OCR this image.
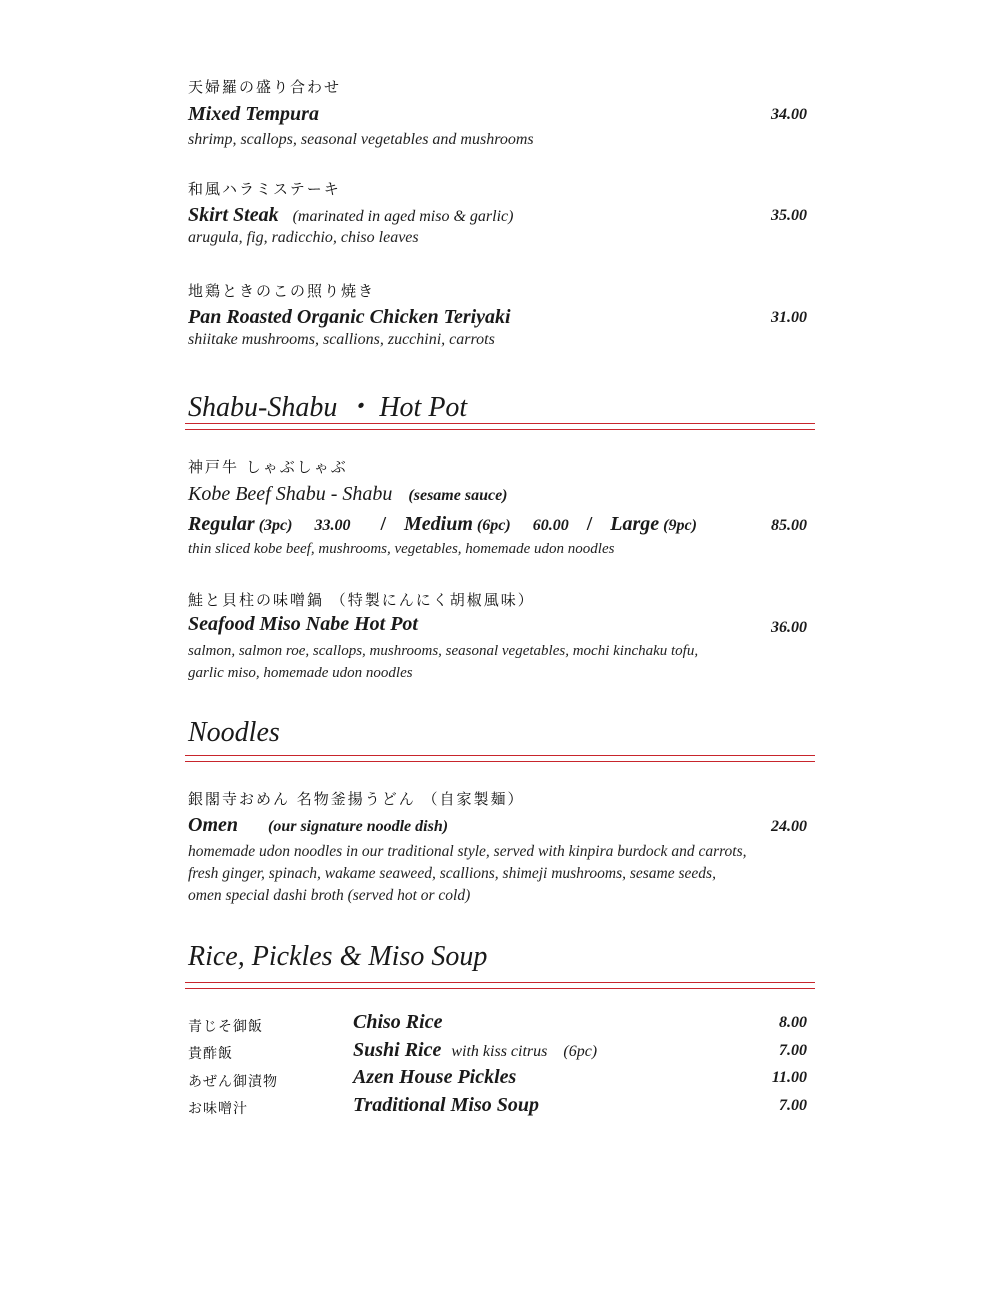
天婦羅の盛り合わせ
Mixed Tempura	34.00
shrimp, scallops, seasonal vegetables and mushrooms
和風ハラミステーキ
Skirt Steak (marinated in aged miso & garlic)	35.00
arugula, fig, radicchio, chiso leaves
地鶏ときのこの照り焼き
Pan Roasted Organic Chicken Teriyaki	31.00
shiitake mushrooms, scallions, zucchini, carrots
Shabu-Shabu ・ Hot Pot
神戸牛 しゃぶしゃぶ
Kobe Beef Shabu - Shabu (sesame sauce)
Regular (3pc) 33.00 / Medium (6pc) 60.00 / Large (9pc)	85.00
thin sliced kobe beef, mushrooms, vegetables, homemade udon noodles
鮭と貝柱の味噌鍋 （特製にんにく胡椒風味）
Seafood Miso Nabe Hot Pot	36.00
salmon, salmon roe, scallops, mushrooms, seasonal vegetables, mochi kinchaku tofu,
garlic miso, homemade udon noodles
Noodles
銀閣寺おめん 名物釜揚うどん （自家製麺）
Omen (our signature noodle dish)	24.00
homemade udon noodles in our traditional style, served with kinpira burdock and carrots,
fresh ginger, spinach, wakame seaweed, scallions, shimeji mushrooms, sesame seeds,
omen special dashi broth (served hot or cold)
Rice, Pickles & Miso Soup
青じそ御飯	Chiso Rice	8.00
貴酢飯	Sushi Rice with kiss citrus    (6pc)	7.00
あぜん御漬物	Azen House Pickles	11.00
お味噌汁	Traditional Miso Soup	7.00
